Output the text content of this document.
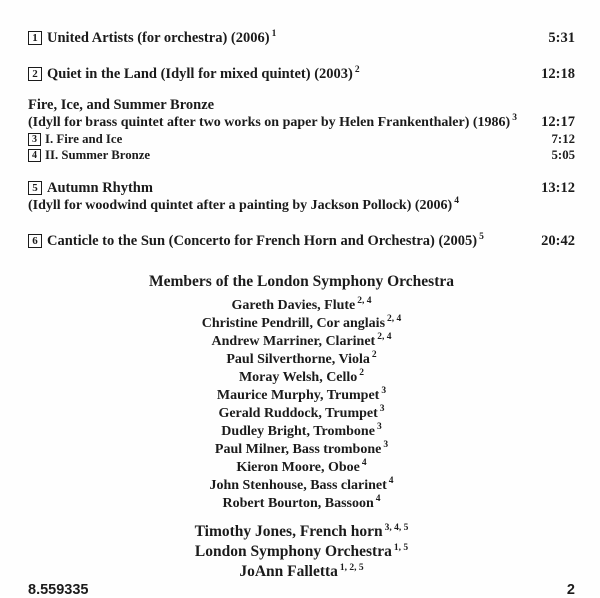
1 United Artists (for orchestra) (2006) $^1$	5:31
2 Quiet in the Land (Idyll for mixed quintet) (2003) $^2$	12:18
Fire, Ice, and Summer Bronze
(Idyll for brass quintet after two works on paper by Helen Frankenthaler) (1986) $^3$ 12:17
3 I. Fire and Ice	7:12
4 II. Summer Bronze	5:05
5 Autumn Rhythm	13:12
(Idyll for woodwind quintet after a painting by Jackson Pollock) (2006) $^4$
6 Canticle to the Sun (Concerto for French Horn and Orchestra) (2005) $^5$	20:42
Members of the London Symphony Orchestra
Gareth Davies, Flute $^{2, 4}$
Christine Pendrill, Cor anglais $^{2, 4}$
Andrew Marriner, Clarinet $^{2, 4}$
Paul Silverthorne, Viola $^2$
Moray Welsh, Cello $^2$
Maurice Murphy, Trumpet $^3$
Gerald Ruddock, Trumpet $^3$
Dudley Bright, Trombone $^3$
Paul Milner, Bass trombone $^3$
Kieron Moore, Oboe $^4$
John Stenhouse, Bass clarinet $^4$
Robert Bourton, Bassoon $^4$
Timothy Jones, French horn $^{3, 4, 5}$
London Symphony Orchestra $^{1, 5}$
JoAnn Falletta $^{1, 2, 5}$
8.559335	2
